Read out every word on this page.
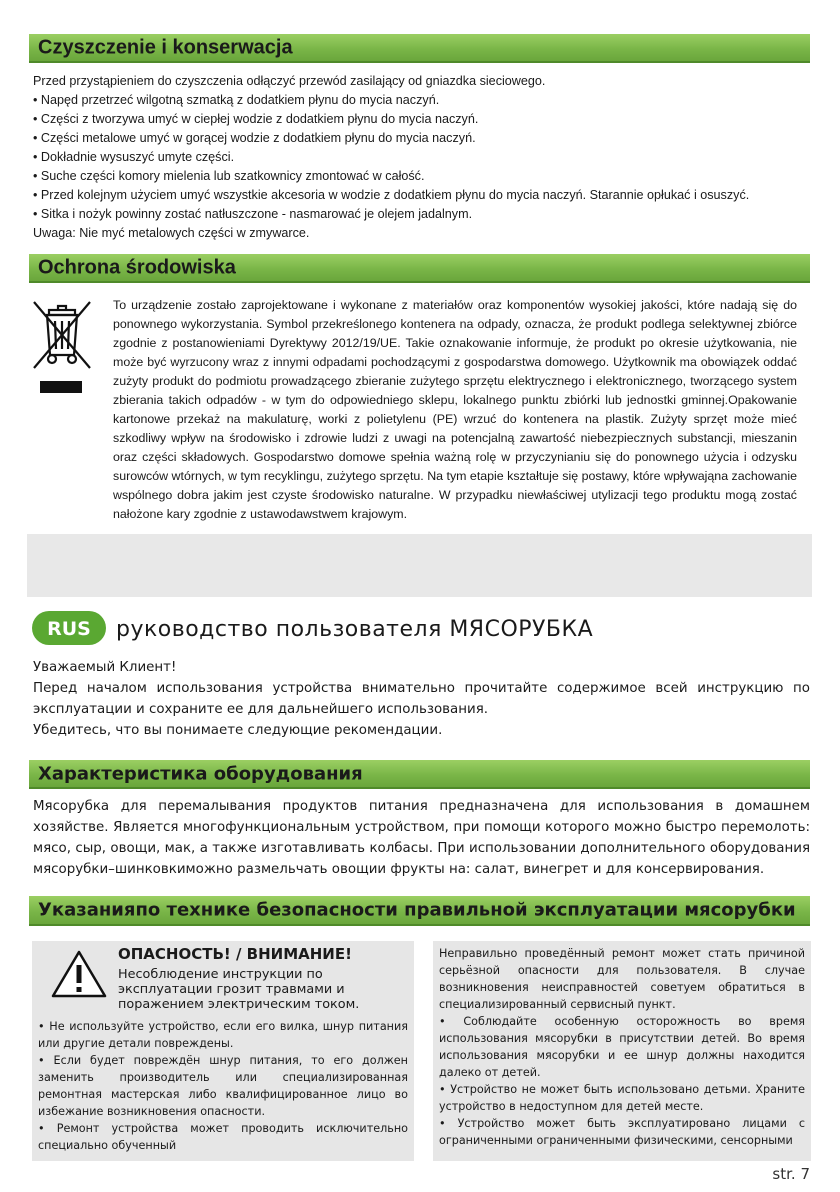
Czyszczenie i konserwacja
Przed przystąpieniem do czyszczenia odłączyć przewód zasilający od gniazdka sieciowego.
• Napęd przetrzeć wilgotną szmatką z dodatkiem płynu do mycia naczyń.
• Części z tworzywa umyć w ciepłej wodzie z dodatkiem płynu do mycia naczyń.
• Części metalowe umyć w gorącej wodzie z dodatkiem płynu do mycia naczyń.
• Dokładnie wysuszyć umyte części.
• Suche części komory mielenia lub szatkownicy zmontować w całość.
• Przed kolejnym użyciem umyć wszystkie akcesoria w wodzie z dodatkiem płynu do mycia naczyń. Starannie opłukać i osuszyć.
• Sitka i nożyk powinny zostać natłuszczone - nasmarować je olejem jadalnym.
Uwaga: Nie myć metalowych części w zmywarce.
Ochrona środowiska

To urządzenie zostało zaprojektowane i wykonane z materiałów oraz komponentów wysokiej jakości, które nadają się do ponownego wykorzystania. Symbol przekreślonego kontenera na odpady, oznacza, że produkt podlega selektywnej zbiórce zgodnie z postanowieniami Dyrektywy 2012/19/UE. Takie oznakowanie informuje, że produkt po okresie użytkowania, nie może być wyrzucony wraz z innymi odpadami pochodzącymi z gospodarstwa domowego. Użytkownik ma obowiązek oddać zużyty produkt do podmiotu prowadzącego zbieranie zużytego sprzętu elektrycznego i elektronicznego, tworzącego system zbierania takich odpadów - w tym do odpowiedniego sklepu, lokalnego punktu zbiórki lub jednostki gminnej.Opakowanie kartonowe przekaż na makulaturę, worki z polietylenu (PE) wrzuć do kontenera na plastik. Zużyty sprzęt może mieć szkodliwy wpływ na środowisko i zdrowie ludzi z uwagi na potencjalną zawartość niebezpiecznych substancji, mieszanin oraz części składowych. Gospodarstwo domowe spełnia ważną rolę w przyczynianiu się do ponownego użycia i odzysku surowców wtórnych, w tym recyklingu, zużytego sprzętu. Na tym etapie kształtuje się postawy, które wpływająna zachowanie wspólnego dobra jakim jest czyste środowisko naturalne. W przypadku niewłaściwej utylizacji tego produktu mogą zostać nałożone kary zgodnie z ustawodawstwem krajowym.

RUS руководство пользователя МЯСОРУБКА

Уважаемый Клиент!

Перед началом использования устройства внимательно прочитайте содержимое всей инструкцию по эксплуатации и сохраните ее для дальнейшего использования.

Убедитесь, что вы понимаете следующие рекомендации.

Характеристика оборудования

Мясорубка для перемалывания продуктов питания предназначена для использования в домашнем хозяйстве. Является многофункциональным устройством, при помощи которого можно быстро перемолоть: мясо, сыр, овощи, мак, а также изготавливать колбасы. При использовании дополнительного оборудования мясорубки–шинковкиможно размельчать овощии фрукты на: салат, винегрет и для консервирования.

Указанияпо технике безопасности правильной эксплуатации мясорубки
ОПАСНОСТЬ! / ВНИМАНИЕ!
Несоблюдение инструкции по эксплуатации грозит травмами и поражением электрическим током.

• Не используйте устройство, если его вилка, шнур питания или другие детали повреждены.

• Если будет повреждён шнур питания, то его должен заменить производитель или специализированная ремонтная мастерская либо квалифицированное лицо во избежание возникновения опасности.

• Ремонт устройства может проводить исключительно специально обученный

Неправильно проведённый ремонт может стать причиной серьёзной опасности для пользователя. В случае возникновения неисправностей советуем обратиться в специализированный сервисный пункт.

• Соблюдайте особенную осторожность во время использования мясорубки в присутствии детей. Во время использования мясорубки и ее шнур должны находится далеко от детей.

• Устройство не может быть использовано детьми. Храните устройство в недоступном для детей месте.

• Устройство может быть эксплуатировано лицами с ограниченными ограниченными физическими, сенсорными

str. 7
